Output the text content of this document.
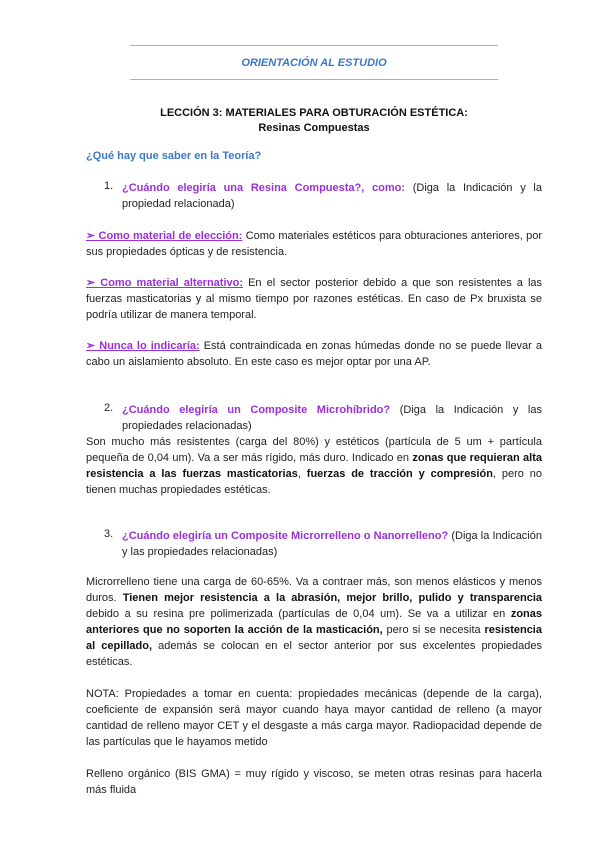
ORIENTACIÓN AL ESTUDIO
LECCIÓN 3: MATERIALES PARA OBTURACIÓN ESTÉTICA:
Resinas Compuestas
¿Qué hay que saber en la Teoría?
1. ¿Cuándo elegiría una Resina Compuesta?, como: (Diga la Indicación y la propiedad relacionada)
➢ Como material de elección: Como materiales estéticos para obturaciones anteriores, por sus propiedades ópticas y de resistencia.
➢ Como material alternativo: En el sector posterior debido a que son resistentes a las fuerzas masticatorias y al mismo tiempo por razones estéticas. En caso de Px bruxista se podría utilizar de manera temporal.
➢ Nunca lo indicaría: Está contraindicada en zonas húmedas donde no se puede llevar a cabo un aislamiento absoluto. En este caso es mejor optar por una AP.
2. ¿Cuándo elegiría un Composite Microhíbrido? (Diga la Indicación y las propiedades relacionadas)
Son mucho más resistentes (carga del 80%) y estéticos (partícula de 5 um + partícula pequeña de 0,04 um). Va a ser más rígido, más duro. Indicado en zonas que requieran alta resistencia a las fuerzas masticatorias, fuerzas de tracción y compresión, pero no tienen muchas propiedades estéticas.
3. ¿Cuándo elegiría un Composite Microrrelleno o Nanorrelleno? (Diga la Indicación y las propiedades relacionadas)
Microrrelleno tiene una carga de 60-65%. Va a contraer más, son menos elásticos y menos duros. Tienen mejor resistencia a la abrasión, mejor brillo, pulido y transparencia debido a su resina pre polimerizada (partículas de 0,04 um). Se va a utilizar en zonas anteriores que no soporten la acción de la masticación, pero si se necesita resistencia al cepillado, además se colocan en el sector anterior por sus excelentes propiedades estéticas.
NOTA: Propiedades a tomar en cuenta: propiedades mecánicas (depende de la carga), coeficiente de expansión será mayor cuando haya mayor cantidad de relleno (a mayor cantidad de relleno mayor CET y el desgaste a más carga mayor. Radiopacidad depende de las partículas que le hayamos metido
Relleno orgánico (BIS GMA) = muy rígido y viscoso, se meten otras resinas para hacerla más fluida
